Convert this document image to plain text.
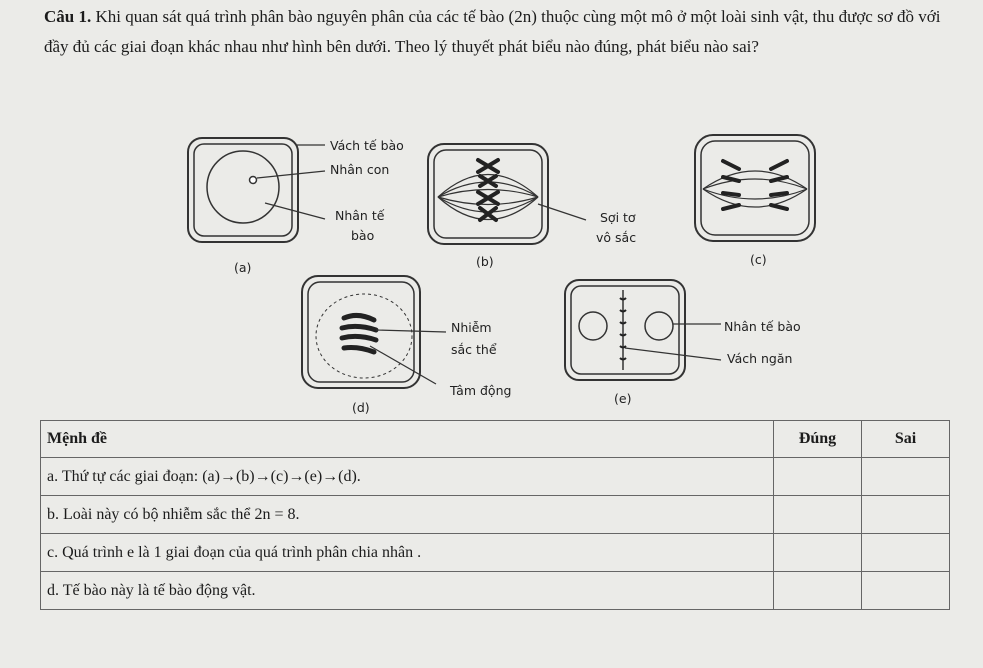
Câu 1. Khi quan sát quá trình phân bào nguyên phân của các tế bào (2n) thuộc cùng một mô ở một loài sinh vật, thu được sơ đồ với đầy đủ các giai đoạn khác nhau như hình bên dưới. Theo lý thuyết phát biểu nào đúng, phát biểu nào sai?
Vách tế bào
Nhân con
Nhân tế
bào
(a)
Sợi tơ
vô sắc
(b)	(c)
Nhiễm
sắc thể
Tâm động
(d)
Nhân tế bào
Vách ngăn
(e)
Mệnh đề	Đúng	Sai
a. Thứ tự các giai đoạn: (a)→(b)→(c)→(e)→(d).		
b. Loài này có bộ nhiễm sắc thể 2n = 8.		
c. Quá trình e là 1 giai đoạn của quá trình phân chia nhân .		
d. Tế bào này là tế bào động vật.		
